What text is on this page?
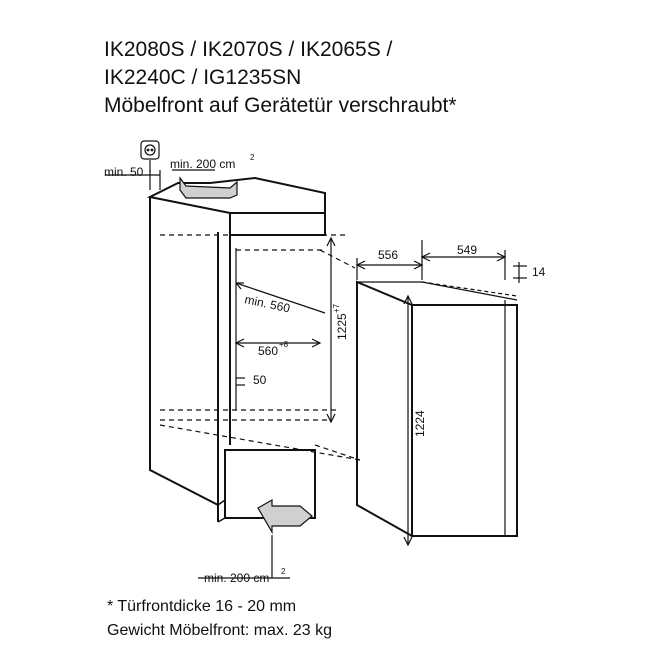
IK2080S / IK2070S / IK2065S /
IK2240C / IG1235SN
Möbelfront auf Gerätetür verschraubt*
min. 50
min. 200 cm 2
min. 560
560 +8
50
1225
+7
min. 200 cm 2
556	549
14
1224
* Türfrontdicke 16 - 20 mm
Gewicht Möbelfront: max. 23 kg
